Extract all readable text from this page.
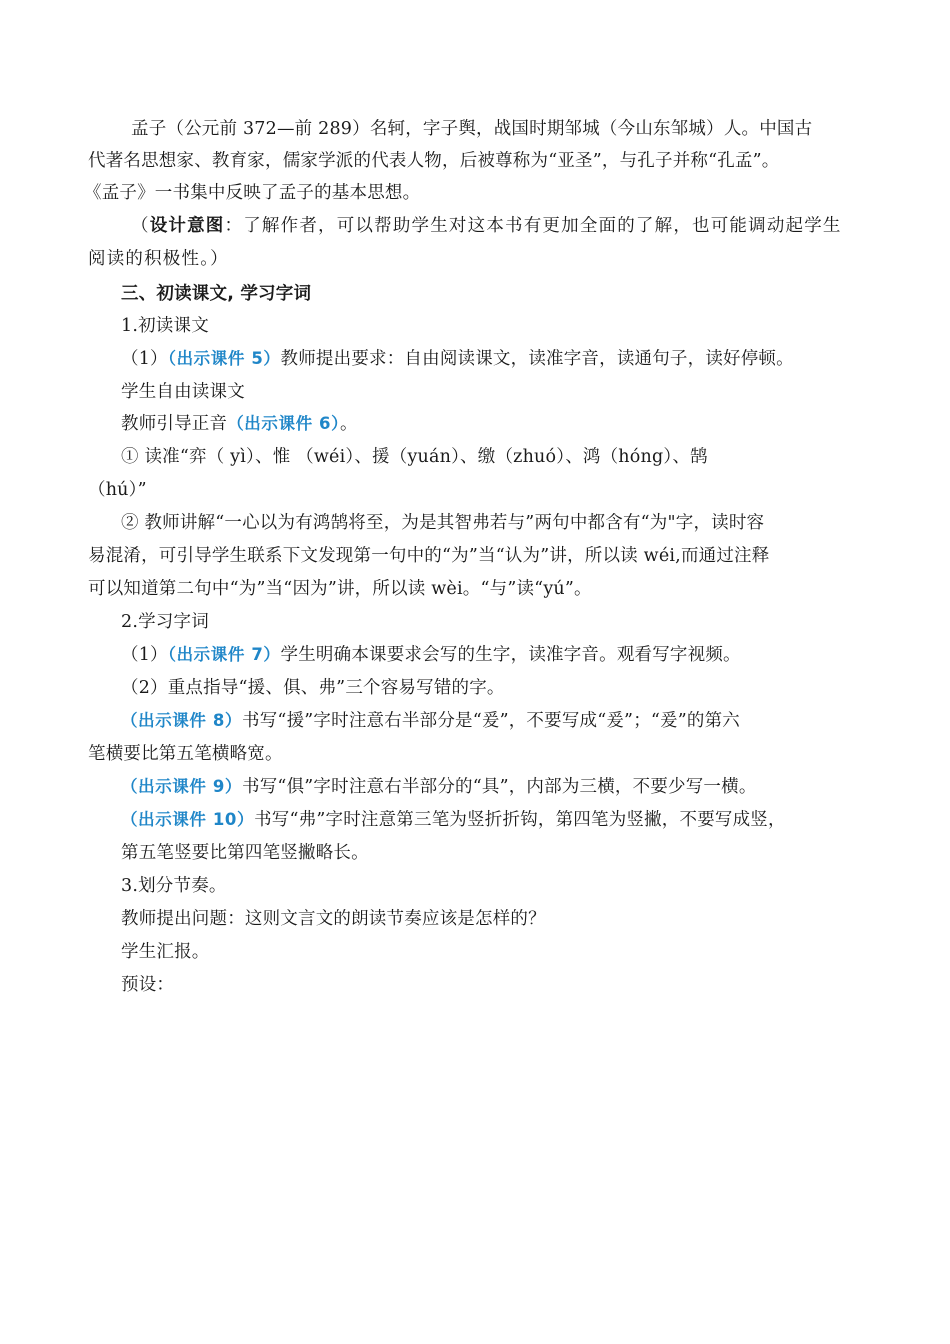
孟子（公元前 372—前 289）名轲，字子舆，战国时期邹城（今山东邹城）人。中国古
代著名思想家、教育家，儒家学派的代表人物，后被尊称为“亚圣”，与孔子并称“孔孟”。
《孟子》一书集中反映了孟子的基本思想。
（设计意图：了解作者，可以帮助学生对这本书有更加全面的了解，也可能调动起学生
阅读的积极性。）
三、初读课文, 学习字词
1.初读课文
（1）（出示课件 5）教师提出要求：自由阅读课文，读准字音，读通句子，读好停顿。
学生自由读课文
教师引导正音（出示课件 6）。
① 读准“弈（ yì）、惟 （wéi）、援（yuán）、缴（zhuó）、鸿（hóng）、鹄
（hú）”
② 教师讲解“一心以为有鸿鹄将至，为是其智弗若与”两句中都含有“为"字，读时容
易混淆，可引导学生联系下文发现第一句中的“为”当“认为”讲，所以读 wéi,而通过注释
可以知道第二句中“为”当“因为”讲，所以读 wèi。“与”读“yú”。
2.学习字词
（1）（出示课件 7）学生明确本课要求会写的生字，读准字音。观看写字视频。
（2）重点指导“援、俱、弗”三个容易写错的字。
（出示课件 8）书写“援”字时注意右半部分是“爰”，不要写成“爰”；“爰”的第六
笔横要比第五笔横略宽。
（出示课件 9）书写“俱”字时注意右半部分的“具”，内部为三横，不要少写一横。
（出示课件 10）书写“弗”字时注意第三笔为竖折折钩，第四笔为竖撇，不要写成竖，
第五笔竖要比第四笔竖撇略长。
3.划分节奏。
教师提出问题：这则文言文的朗读节奏应该是怎样的？
学生汇报。
预设：
